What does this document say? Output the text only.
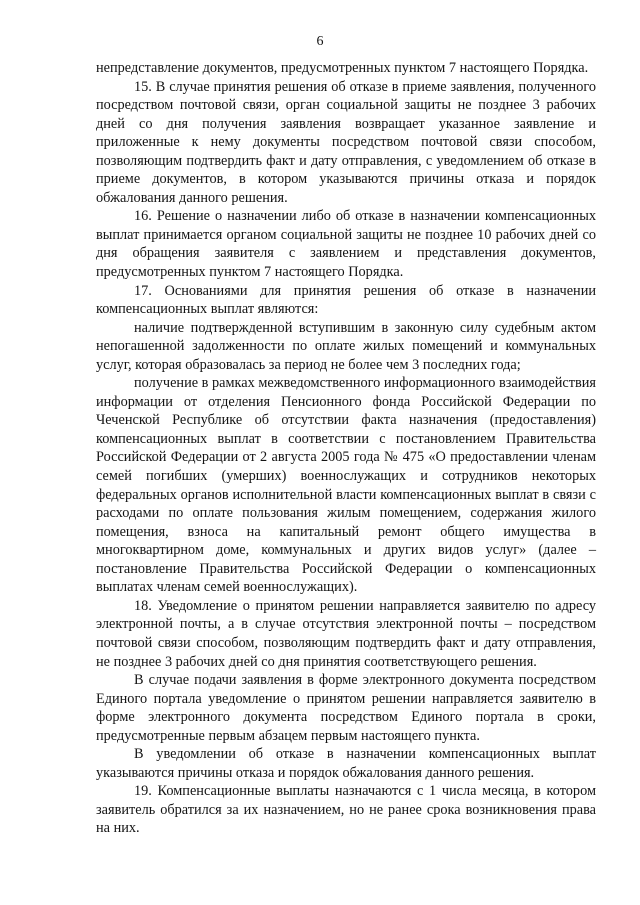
6

непредставление документов, предусмотренных пунктом 7 настоящего Порядка.

15. В случае принятия решения об отказе в приеме заявления, полученного посредством почтовой связи, орган социальной защиты не позднее 3 рабочих дней со дня получения заявления возвращает указанное заявление и приложенные к нему документы посредством почтовой связи способом, позволяющим подтвердить факт и дату отправления, с уведомлением об отказе в приеме документов, в котором указываются причины отказа и порядок обжалования данного решения.

16. Решение о назначении либо об отказе в назначении компенсационных выплат принимается органом социальной защиты не позднее 10 рабочих дней со дня обращения заявителя с заявлением и представления документов, предусмотренных пунктом 7 настоящего Порядка.

17. Основаниями для принятия решения об отказе в назначении компенсационных выплат являются:

наличие подтвержденной вступившим в законную силу судебным актом непогашенной задолженности по оплате жилых помещений и коммунальных услуг, которая образовалась за период не более чем 3 последних года;

получение в рамках межведомственного информационного взаимодействия информации от отделения Пенсионного фонда Российской Федерации по Чеченской Республике об отсутствии факта назначения (предоставления) компенсационных выплат в соответствии с постановлением Правительства Российской Федерации от 2 августа 2005 года № 475 «О предоставлении членам семей погибших (умерших) военнослужащих и сотрудников некоторых федеральных органов исполнительной власти компенсационных выплат в связи с расходами по оплате пользования жилым помещением, содержания жилого помещения, взноса на капитальный ремонт общего имущества в многоквартирном доме, коммунальных и других видов услуг» (далее – постановление Правительства Российской Федерации о компенсационных выплатах членам семей военнослужащих).

18. Уведомление о принятом решении направляется заявителю по адресу электронной почты, а в случае отсутствия электронной почты – посредством почтовой связи способом, позволяющим подтвердить факт и дату отправления, не позднее 3 рабочих дней со дня принятия соответствующего решения.

В случае подачи заявления в форме электронного документа посредством Единого портала уведомление о принятом решении направляется заявителю в форме электронного документа посредством Единого портала в сроки, предусмотренные первым абзацем первым настоящего пункта.

В уведомлении об отказе в назначении компенсационных выплат указываются причины отказа и порядок обжалования данного решения.

19. Компенсационные выплаты назначаются с 1 числа месяца, в котором заявитель обратился за их назначением, но не ранее срока возникновения права на них.
